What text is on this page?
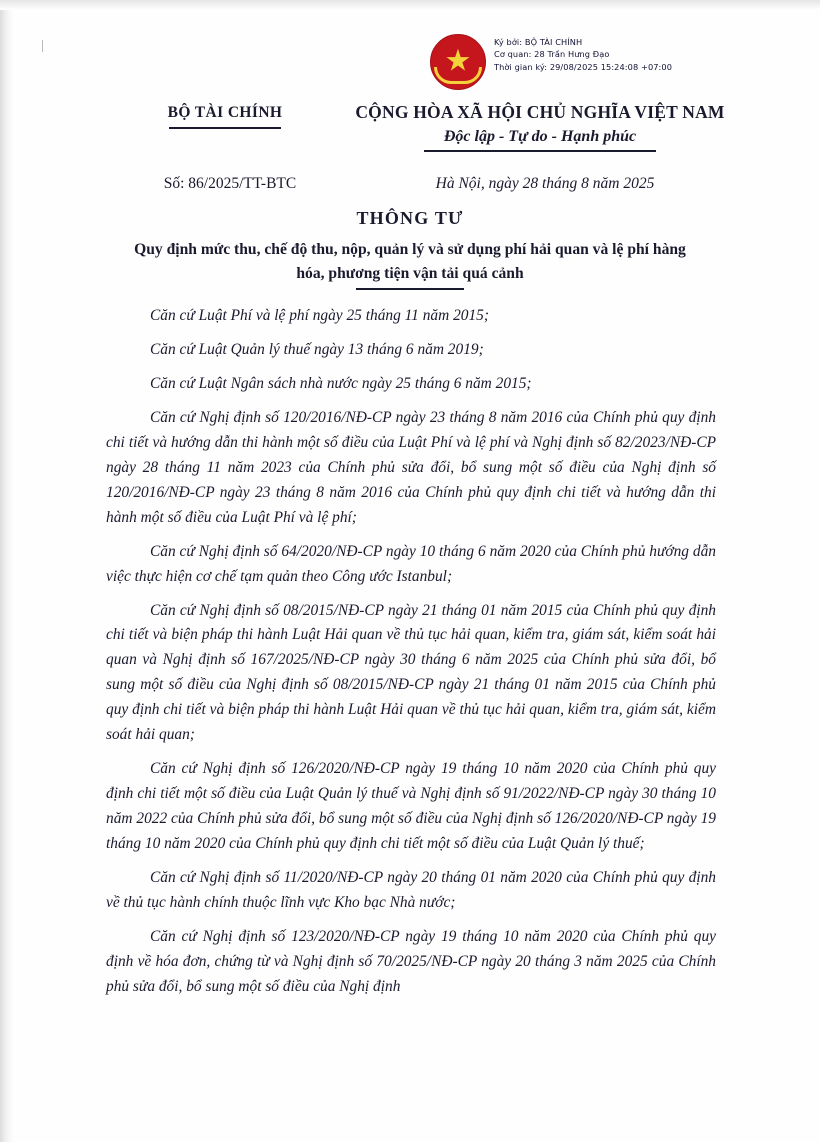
★
Ký bởi: BỘ TÀI CHÍNH
Cơ quan: 28 Trần Hưng Đạo
Thời gian ký: 29/08/2025 15:24:08 +07:00
BỘ TÀI CHÍNH	CỘNG HÒA XÃ HỘI CHỦ NGHĨA VIỆT NAM
Độc lập - Tự do - Hạnh phúc
Số: 86/2025/TT-BTC	Hà Nội, ngày 28 tháng 8 năm 2025
THÔNG TƯ
Quy định mức thu, chế độ thu, nộp, quản lý và sử dụng phí hải quan và lệ phí hàng hóa, phương tiện vận tải quá cảnh

Căn cứ Luật Phí và lệ phí ngày 25 tháng 11 năm 2015;

Căn cứ Luật Quản lý thuế ngày 13 tháng 6 năm 2019;

Căn cứ Luật Ngân sách nhà nước ngày 25 tháng 6 năm 2015;

Căn cứ Nghị định số 120/2016/NĐ-CP ngày 23 tháng 8 năm 2016 của Chính phủ quy định chi tiết và hướng dẫn thi hành một số điều của Luật Phí và lệ phí và Nghị định số 82/2023/NĐ-CP ngày 28 tháng 11 năm 2023 của Chính phủ sửa đổi, bổ sung một số điều của Nghị định số 120/2016/NĐ-CP ngày 23 tháng 8 năm 2016 của Chính phủ quy định chi tiết và hướng dẫn thi hành một số điều của Luật Phí và lệ phí;

Căn cứ Nghị định số 64/2020/NĐ-CP ngày 10 tháng 6 năm 2020 của Chính phủ hướng dẫn việc thực hiện cơ chế tạm quản theo Công ước Istanbul;

Căn cứ Nghị định số 08/2015/NĐ-CP ngày 21 tháng 01 năm 2015 của Chính phủ quy định chi tiết và biện pháp thi hành Luật Hải quan về thủ tục hải quan, kiểm tra, giám sát, kiểm soát hải quan và Nghị định số 167/2025/NĐ-CP ngày 30 tháng 6 năm 2025 của Chính phủ sửa đổi, bổ sung một số điều của Nghị định số 08/2015/NĐ-CP ngày 21 tháng 01 năm 2015 của Chính phủ quy định chi tiết và biện pháp thi hành Luật Hải quan về thủ tục hải quan, kiểm tra, giám sát, kiểm soát hải quan;

Căn cứ Nghị định số 126/2020/NĐ-CP ngày 19 tháng 10 năm 2020 của Chính phủ quy định chi tiết một số điều của Luật Quản lý thuế và Nghị định số 91/2022/NĐ-CP ngày 30 tháng 10 năm 2022 của Chính phủ sửa đổi, bổ sung một số điều của Nghị định số 126/2020/NĐ-CP ngày 19 tháng 10 năm 2020 của Chính phủ quy định chi tiết một số điều của Luật Quản lý thuế;

Căn cứ Nghị định số 11/2020/NĐ-CP ngày 20 tháng 01 năm 2020 của Chính phủ quy định về thủ tục hành chính thuộc lĩnh vực Kho bạc Nhà nước;

Căn cứ Nghị định số 123/2020/NĐ-CP ngày 19 tháng 10 năm 2020 của Chính phủ quy định về hóa đơn, chứng từ và Nghị định số 70/2025/NĐ-CP ngày 20 tháng 3 năm 2025 của Chính phủ sửa đổi, bổ sung một số điều của Nghị định
